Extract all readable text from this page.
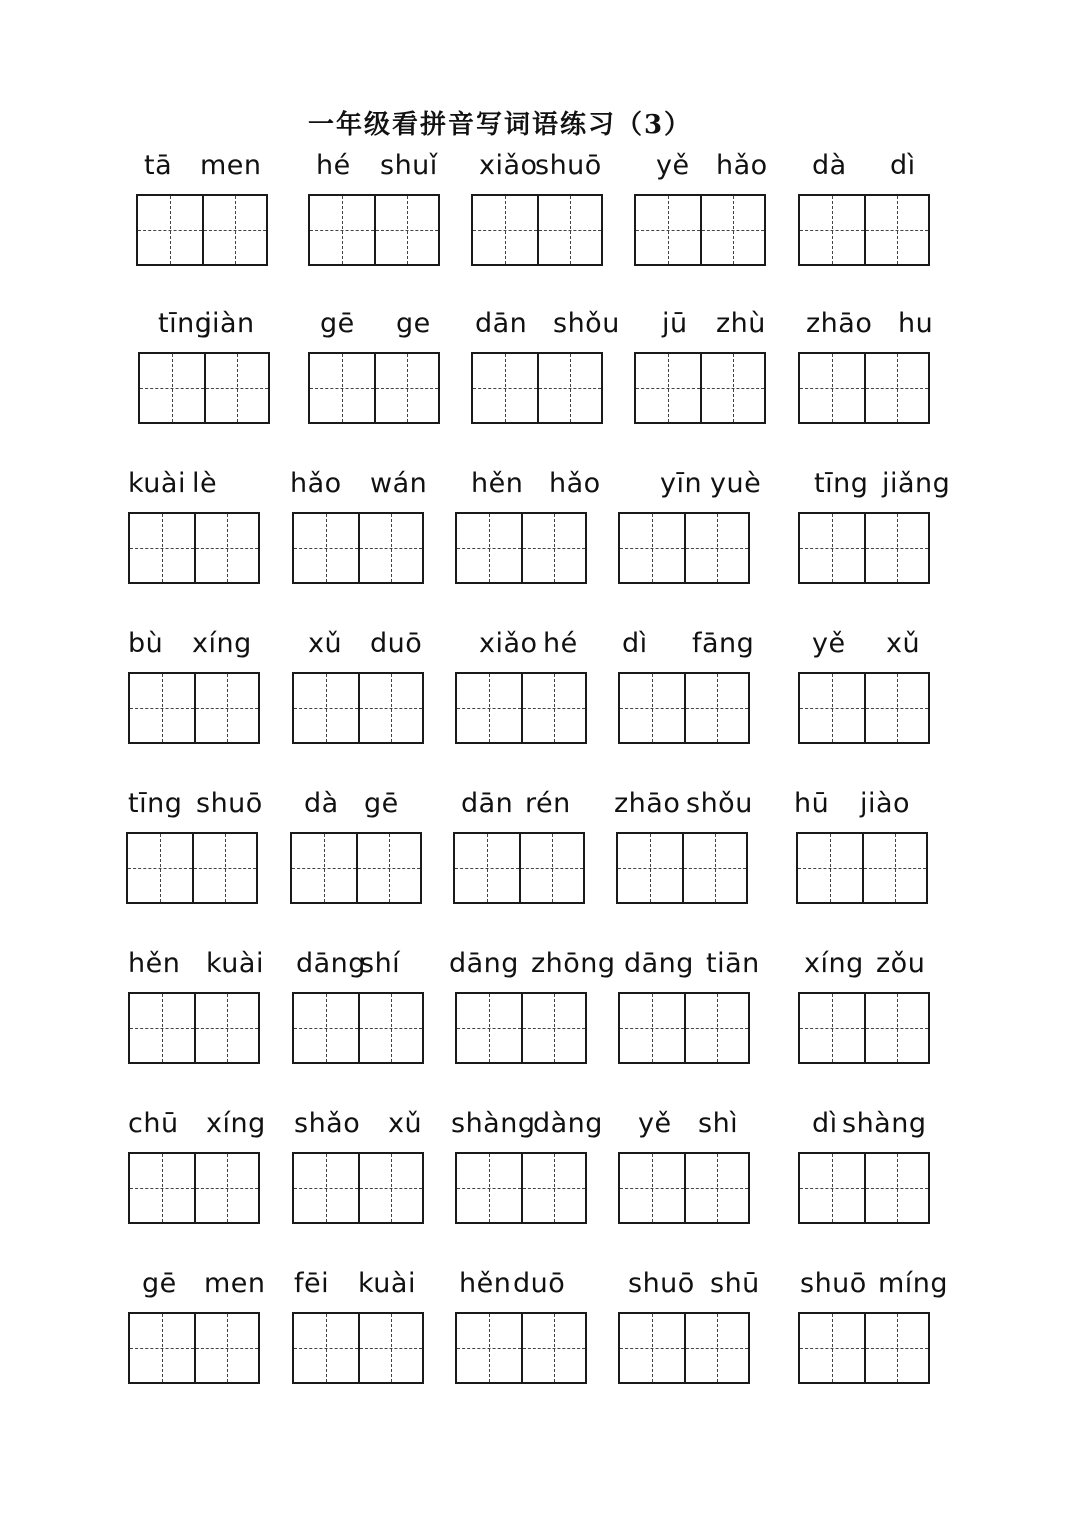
一年级看拼音写词语练习（3）
tā men hé shuǐ xiǎo
shuō yě hǎo dà dì
tīng
jiàn gē ge dān shǒu jū zhù zhāo hu
kuài lè	hǎo wán hěn hǎo yīn yuè tīng jiǎng
bù xíng xǔ duō xiǎo hé dì fāng yě xǔ
tīng shuō dà gē dān rén zhāo shǒu hū jiào
hěn kuài dāng
shí dāng zhōng dāng tiān xíng zǒu
chū xíng shǎo xǔ shàng
dàng yě shì	dì shàng
gē men fēi kuài hěn duō shuō shū shuō míng
